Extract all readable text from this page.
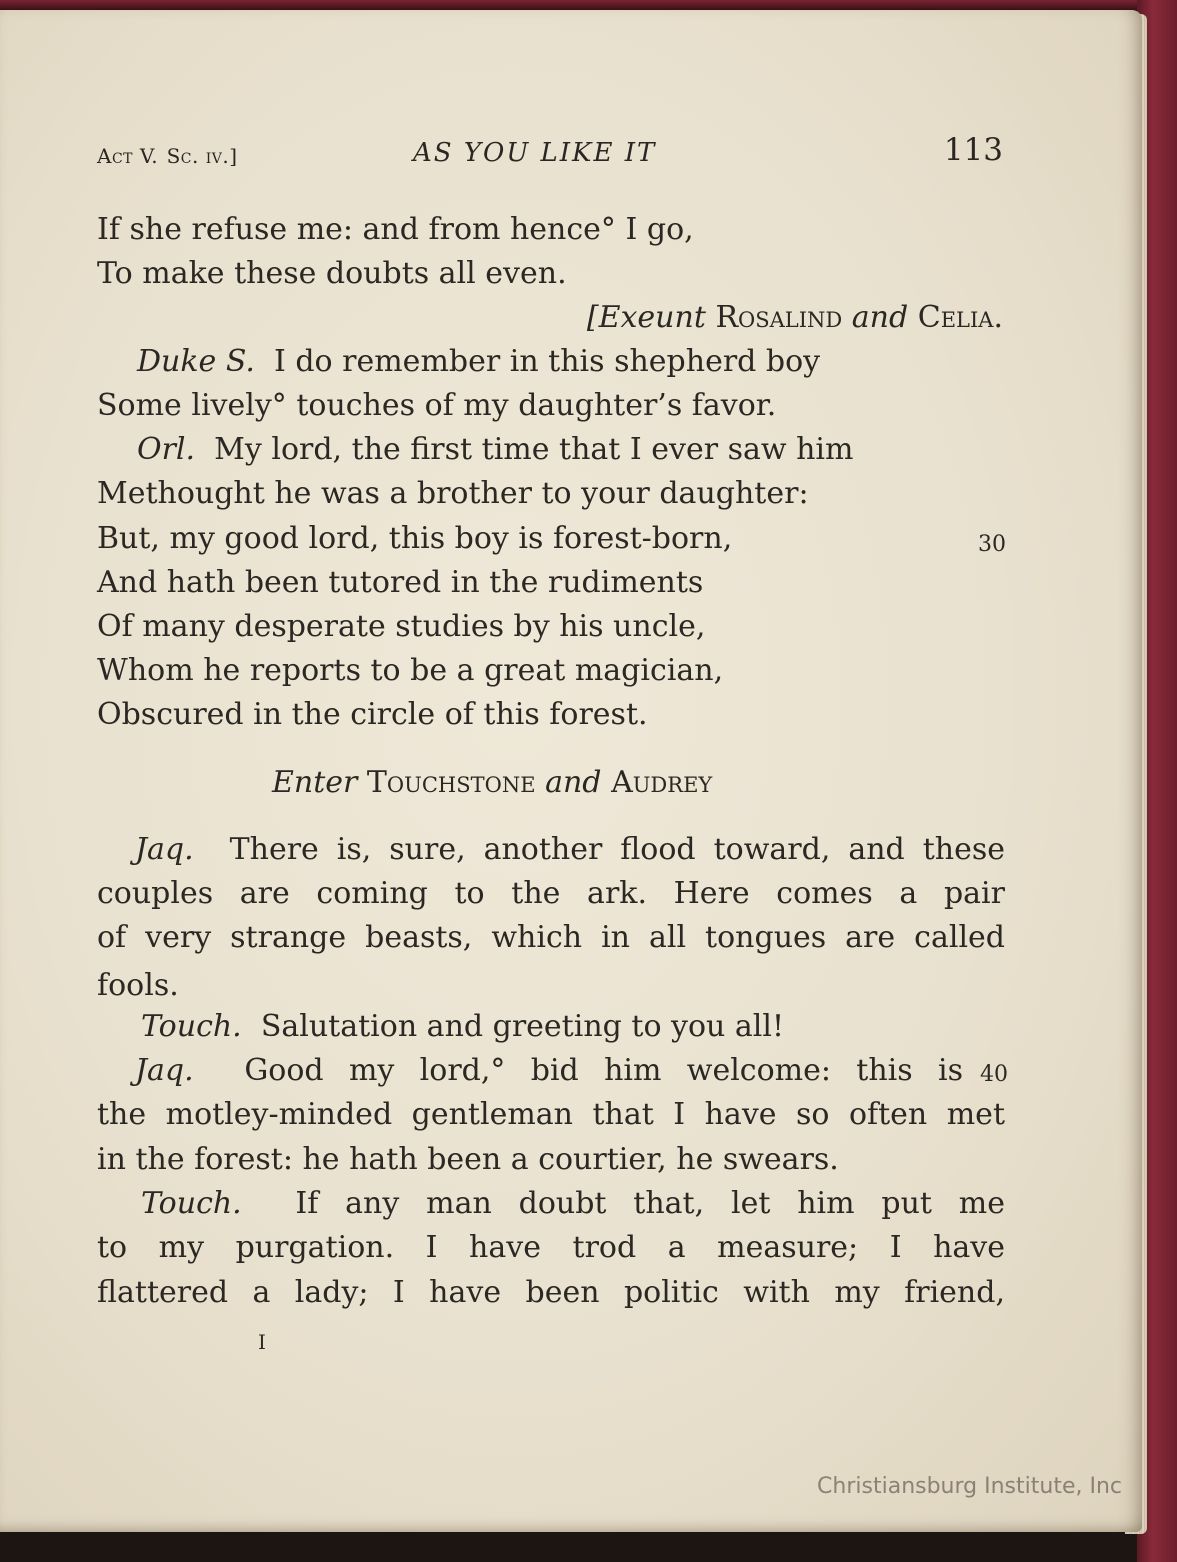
Act V. Sc. iv.]	AS YOU LIKE IT	113
If she refuse me: and from hence° I go,
To make these doubts all even.
[Exeunt Rosalind and Celia.
Duke S. I do remember in this shepherd boy
Some lively° touches of my daughter’s favor.
Orl. My lord, the first time that I ever saw him
Methought he was a brother to your daughter:
But, my good lord, this boy is forest-born,	30
And hath been tutored in the rudiments
Of many desperate studies by his uncle,
Whom he reports to be a great magician,
Obscured in the circle of this forest.
Enter Touchstone and Audrey
Jaq. There is, sure, another flood toward, and these
couples are coming to the ark. Here comes a pair
of very strange beasts, which in all tongues are called
fools.
Touch. Salutation and greeting to you all!
Jaq. Good my lord,° bid him welcome: this is 40
the motley-minded gentleman that I have so often met
in the forest: he hath been a courtier, he swears.
Touch. If any man doubt that, let him put me
to my purgation. I have trod a measure; I have
flattered a lady; I have been politic with my friend,
I
Christiansburg Institute, Inc
